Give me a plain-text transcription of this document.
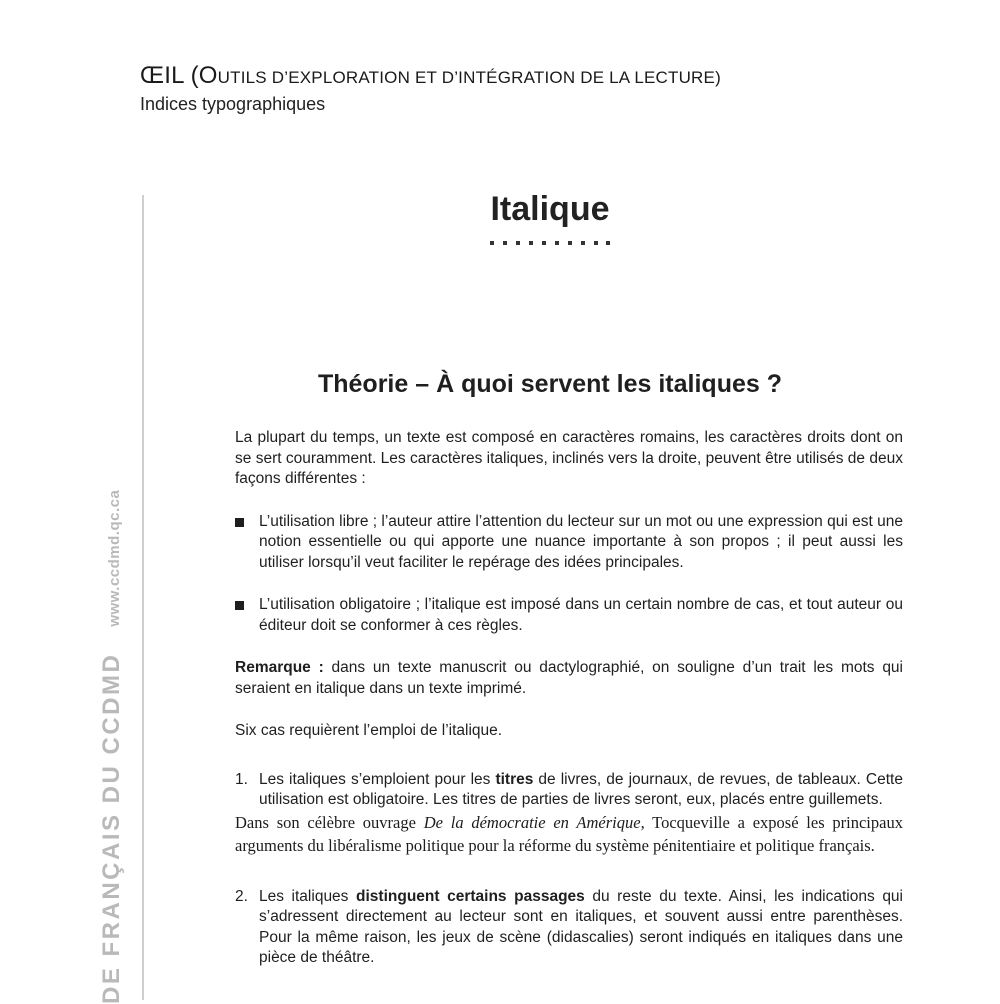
ŒIL (OUTILS D’EXPLORATION ET D’INTÉGRATION DE LA LECTURE)
Indices typographiques
DE FRANÇAIS DU CCDMDwww.ccdmd.qc.ca
Italique
Théorie – À quoi servent les italiques ?

La plupart du temps, un texte est composé en caractères romains, les caractères droits dont on se sert couramment. Les caractères italiques, inclinés vers la droite, peuvent être utilisés de deux façons différentes :

L’utilisation libre ; l’auteur attire l’attention du lecteur sur un mot ou une expression qui est une notion essentielle ou qui apporte une nuance importante à son propos ; il peut aussi les utiliser lorsqu’il veut faciliter le repérage des idées principales.
L’utilisation obligatoire ; l’italique est imposé dans un certain nombre de cas, et tout auteur ou éditeur doit se conformer à ces règles.

Remarque : dans un texte manuscrit ou dactylographié, on souligne d’un trait les mots qui seraient en italique dans un texte imprimé.

Six cas requièrent l’emploi de l’italique.

1. Les italiques s’emploient pour les titres de livres, de journaux, de revues, de tableaux. Cette utilisation est obligatoire. Les titres de parties de livres seront, eux, placés entre guillemets.

Dans son célèbre ouvrage De la démocratie en Amérique, Tocqueville a exposé les principaux arguments du libéralisme politique pour la réforme du système pénitentiaire et politique français.

2. Les italiques distinguent certains passages du reste du texte. Ainsi, les indications qui s’adressent directement au lecteur sont en italiques, et souvent aussi entre parenthèses. Pour la même raison, les jeux de scène (didascalies) seront indiqués en italiques dans une pièce de théâtre.
